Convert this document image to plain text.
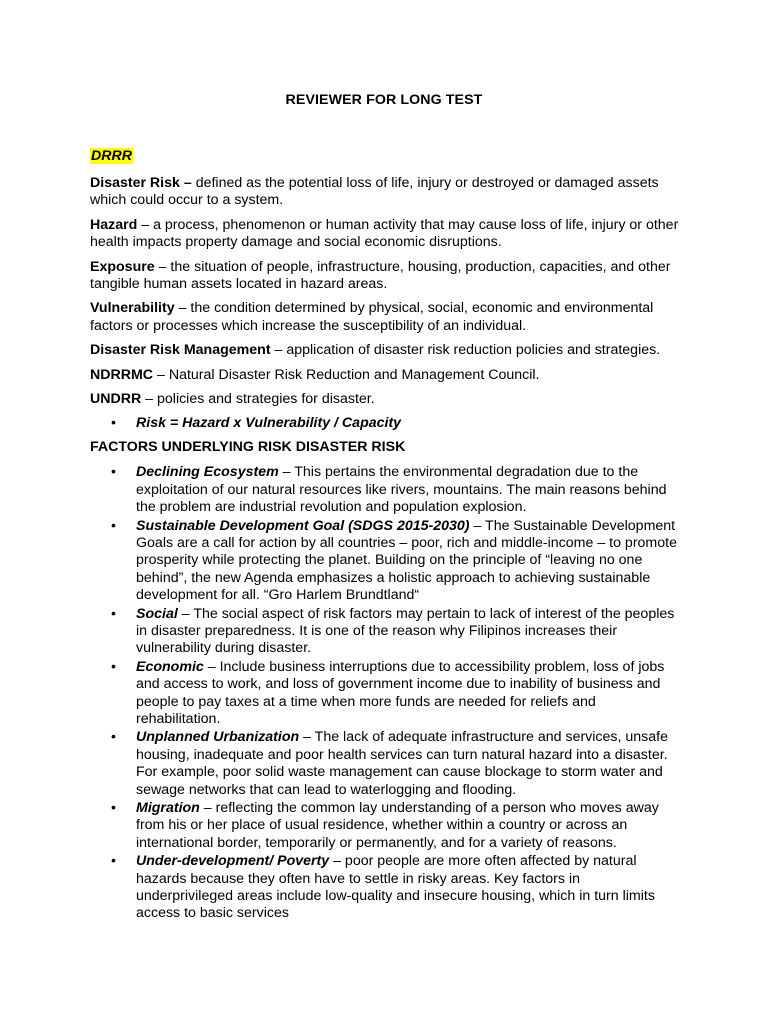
REVIEWER FOR LONG TEST
DRRR

Disaster Risk – defined as the potential loss of life, injury or destroyed or damaged assets which could occur to a system.

Hazard – a process, phenomenon or human activity that may cause loss of life, injury or other health impacts property damage and social economic disruptions.

Exposure – the situation of people, infrastructure, housing, production, capacities, and other tangible human assets located in hazard areas.

Vulnerability – the condition determined by physical, social, economic and environmental factors or processes which increase the susceptibility of an individual.

Disaster Risk Management – application of disaster risk reduction policies and strategies.

NDRRMC – Natural Disaster Risk Reduction and Management Council.

UNDRR – policies and strategies for disaster.

• Risk = Hazard x Vulnerability / Capacity
FACTORS UNDERLYING RISK DISASTER RISK
• Declining Ecosystem – This pertains the environmental degradation due to the exploitation of our natural resources like rivers, mountains. The main reasons behind the problem are industrial revolution and population explosion.
• Sustainable Development Goal (SDGS 2015-2030) – The Sustainable Development Goals are a call for action by all countries – poor, rich and middle-income – to promote prosperity while protecting the planet. Building on the principle of “leaving no one behind”, the new Agenda emphasizes a holistic approach to achieving sustainable development for all. “Gro Harlem Brundtland“
• Social – The social aspect of risk factors may pertain to lack of interest of the peoples in disaster preparedness. It is one of the reason why Filipinos increases their vulnerability during disaster.
• Economic – Include business interruptions due to accessibility problem, loss of jobs and access to work, and loss of government income due to inability of business and people to pay taxes at a time when more funds are needed for reliefs and rehabilitation.
• Unplanned Urbanization – The lack of adequate infrastructure and services, unsafe housing, inadequate and poor health services can turn natural hazard into a disaster. For example, poor solid waste management can cause blockage to storm water and sewage networks that can lead to waterlogging and flooding.
• Migration – reflecting the common lay understanding of a person who moves away from his or her place of usual residence, whether within a country or across an international border, temporarily or permanently, and for a variety of reasons.
• Under-development/ Poverty – poor people are more often affected by natural hazards because they often have to settle in risky areas. Key factors in underprivileged areas include low-quality and insecure housing, which in turn limits access to basic services
